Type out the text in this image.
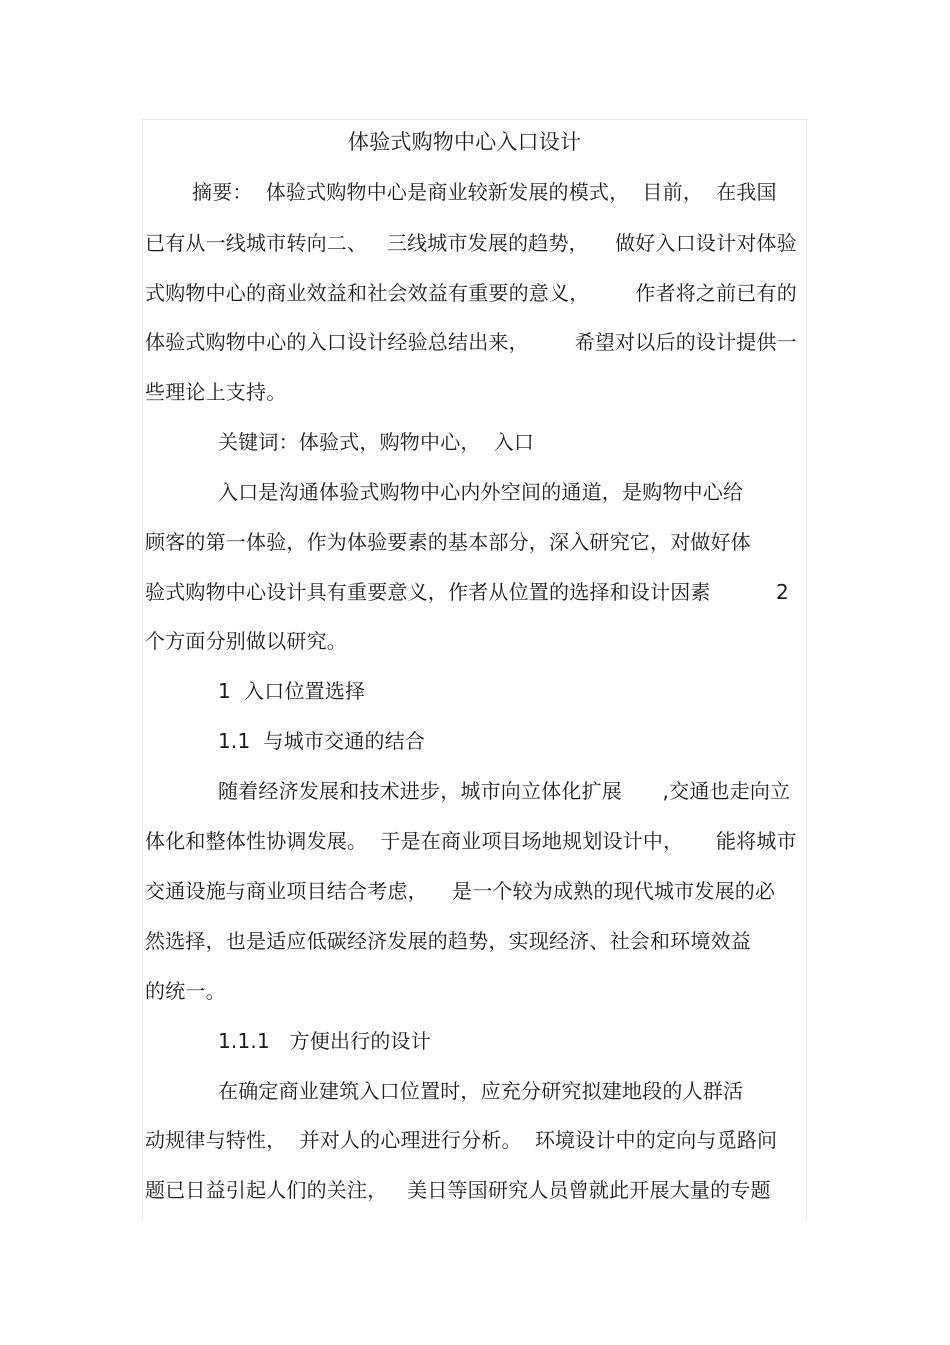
体验式购物中心入口设计
摘要：  体验式购物中心是商业较新发展的模式，  目前，  在我国
已有从一线城市转向二、   三线城市发展的趋势，    做好入口设计对体验
式购物中心的商业效益和社会效益有重要的意义，       作者将之前已有的
体验式购物中心的入口设计经验总结出来，       希望对以后的设计提供一
些理论上支持。
关键词：体验式，购物中心，  入口
入口是沟通体验式购物中心内外空间的通道，是购物中心给
顾客的第一体验，作为体验要素的基本部分，深入研究它，对做好体
验式购物中心设计具有重要意义，作者从位置的选择和设计因素	2
个方面分别做以研究。
1  入口位置选择
1.1  与城市交通的结合
随着经济发展和技术进步，城市向立体化扩展 ,交通也走向立
体化和整体性协调发展。  于是在商业项目场地规划设计中， 能将城市
交通设施与商业项目结合考虑， 是一个较为成熟的现代城市发展的必
然选择，也是适应低碳经济发展的趋势，实现经济、社会和环境效益
的统一。
1.1.1   方便出行的设计
在确定商业建筑入口位置时，应充分研究拟建地段的人群活
动规律与特性，  并对人的心理进行分析。  环境设计中的定向与觅路问
题已日益引起人们的关注，   美日等国研究人员曾就此开展大量的专题
